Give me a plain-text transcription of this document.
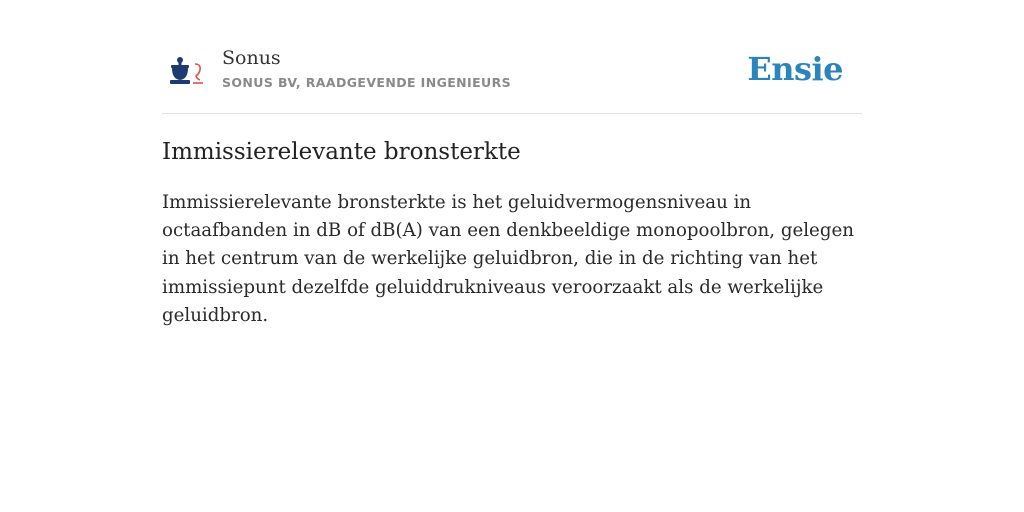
Sonus
SONUS BV, RAADGEVENDE INGENIEURS	Ensie
Immissierelevante bronsterkte

Immissierelevante bronsterkte is het geluidvermogensniveau in octaafbanden in dB of dB(A) van een denkbeeldige monopoolbron, gelegen in het centrum van de werkelijke geluidbron, die in de richting van het immissiepunt dezelfde geluiddrukniveaus veroorzaakt als de werkelijke geluidbron.
